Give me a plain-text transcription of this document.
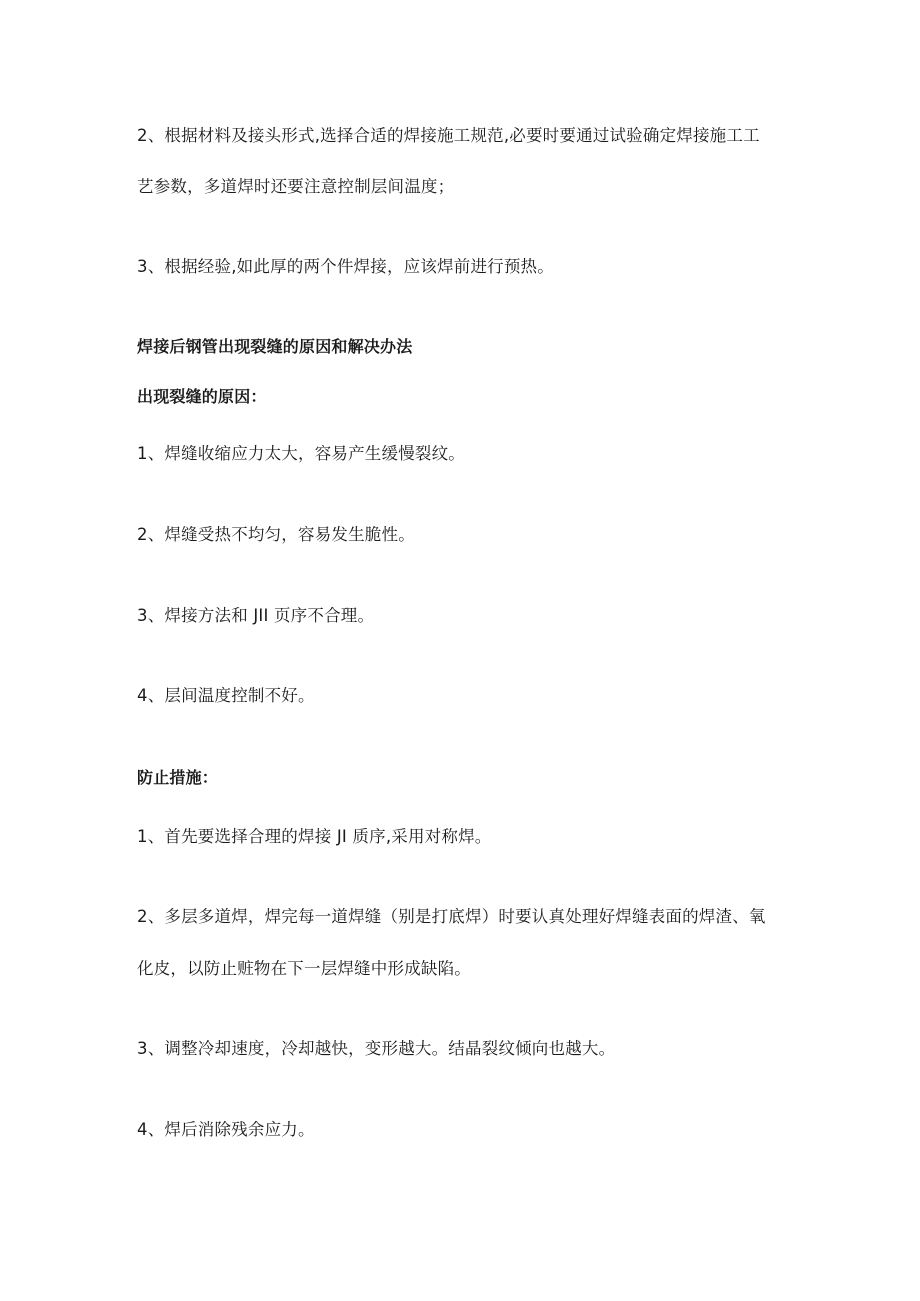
2、根据材料及接头形式,选择合适的焊接施工规范,必要时要通过试验确定焊接施工工
艺参数，多道焊时还要注意控制层间温度；
3、根据经验,如此厚的两个件焊接，应该焊前进行预热。
焊接后钢管出现裂缝的原因和解决办法
出现裂缝的原因：
1、焊缝收缩应力太大，容易产生缓慢裂纹。
2、焊缝受热不均匀，容易发生脆性。
3、焊接方法和 JII 页序不合理。
4、层间温度控制不好。
防止措施：
1、首先要选择合理的焊接 JI 质序,采用对称焊。
2、多层多道焊，焊完每一道焊缝（别是打底焊）时要认真处理好焊缝表面的焊渣、氧
化皮，以防止赃物在下一层焊缝中形成缺陷。
3、调整冷却速度，冷却越快，变形越大。结晶裂纹倾向也越大。
4、焊后消除残余应力。
